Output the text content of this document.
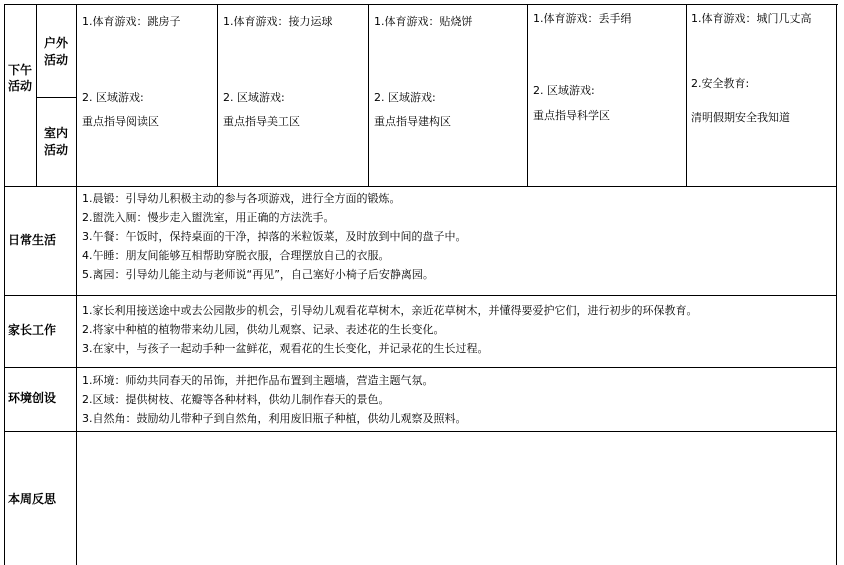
下午活动
户外活动
室内活动
1.体育游戏：跳房子
2. 区域游戏:
重点指导阅读区
1.体育游戏：接力运球
2. 区域游戏:
重点指导美工区
1.体育游戏：贴烧饼
2. 区域游戏:
重点指导建构区
1.体育游戏：丢手绢
2. 区域游戏:
重点指导科学区
1.体育游戏：城门几丈高
2.安全教育:
清明假期安全我知道
日常生活
1.晨锻：引导幼儿积极主动的参与各项游戏，进行全方面的锻炼。
2.盥洗入厕：慢步走入盥洗室，用正确的方法洗手。
3.午餐：午饭时，保持桌面的干净，掉落的米粒饭菜，及时放到中间的盘子中。
4.午睡：朋友间能够互相帮助穿脱衣服，合理摆放自己的衣服。
5.离园：引导幼儿能主动与老师说“再见”，自己塞好小椅子后安静离园。
家长工作
1.家长利用接送途中或去公园散步的机会，引导幼儿观看花草树木，亲近花草树木，并懂得要爱护它们，进行初步的环保教育。
2.将家中种植的植物带来幼儿园，供幼儿观察、记录、表述花的生长变化。
3.在家中，与孩子一起动手种一盆鲜花，观看花的生长变化，并记录花的生长过程。
环境创设
1.环境：师幼共同春天的吊饰，并把作品布置到主题墙，营造主题气氛。
2.区域：提供树枝、花瓣等各种材料，供幼儿制作春天的景色。
3.自然角：鼓励幼儿带种子到自然角，利用废旧瓶子种植，供幼儿观察及照料。
本周反思
